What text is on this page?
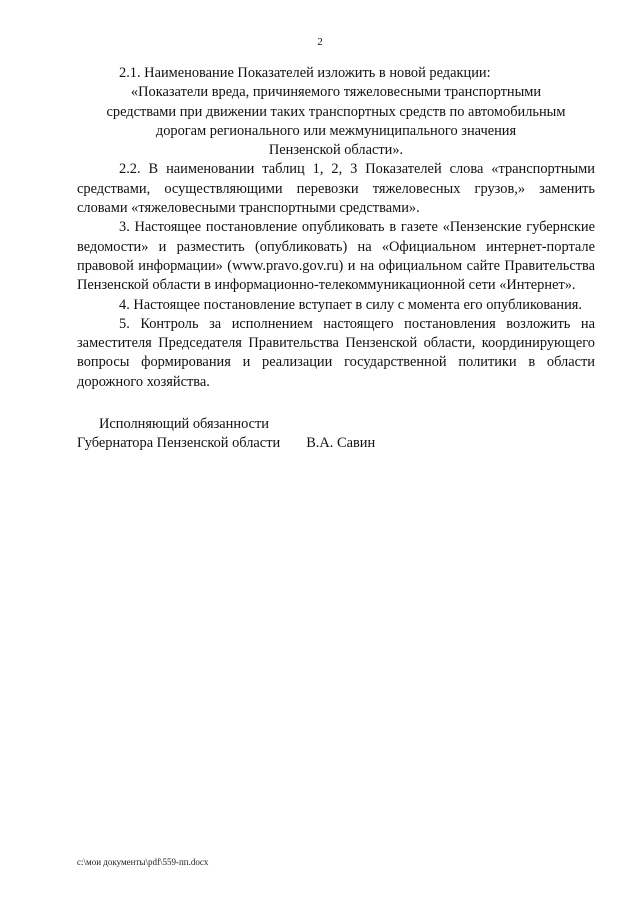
2

2.1. Наименование Показателей изложить в новой редакции:

«Показатели вреда, причиняемого тяжеловесными транспортными
средствами при движении таких транспортных средств по автомобильным
дорогам регионального или межмуниципального значения
Пензенской области».

2.2. В наименовании таблиц 1, 2, 3 Показателей слова «транспортными средствами, осуществляющими перевозки тяжеловесных грузов,» заменить словами «тяжеловесными транспортными средствами».

3. Настоящее постановление опубликовать в газете «Пензенские губернские ведомости» и разместить (опубликовать) на «Официальном интернет-портале правовой информации» (www.pravo.gov.ru) и на официальном сайте Правительства Пензенской области в информационно-телекоммуникационной сети «Интернет».

4. Настоящее постановление вступает в силу с момента его опубликования.

5. Контроль за исполнением настоящего постановления возложить на заместителя Председателя Правительства Пензенской области, координирующего вопросы формирования и реализации государственной политики в области дорожного хозяйства.

Исполняющий обязанности
Губернатора Пензенской области В.А. Савин
c:\мои документы\pdf\559-пп.docx
